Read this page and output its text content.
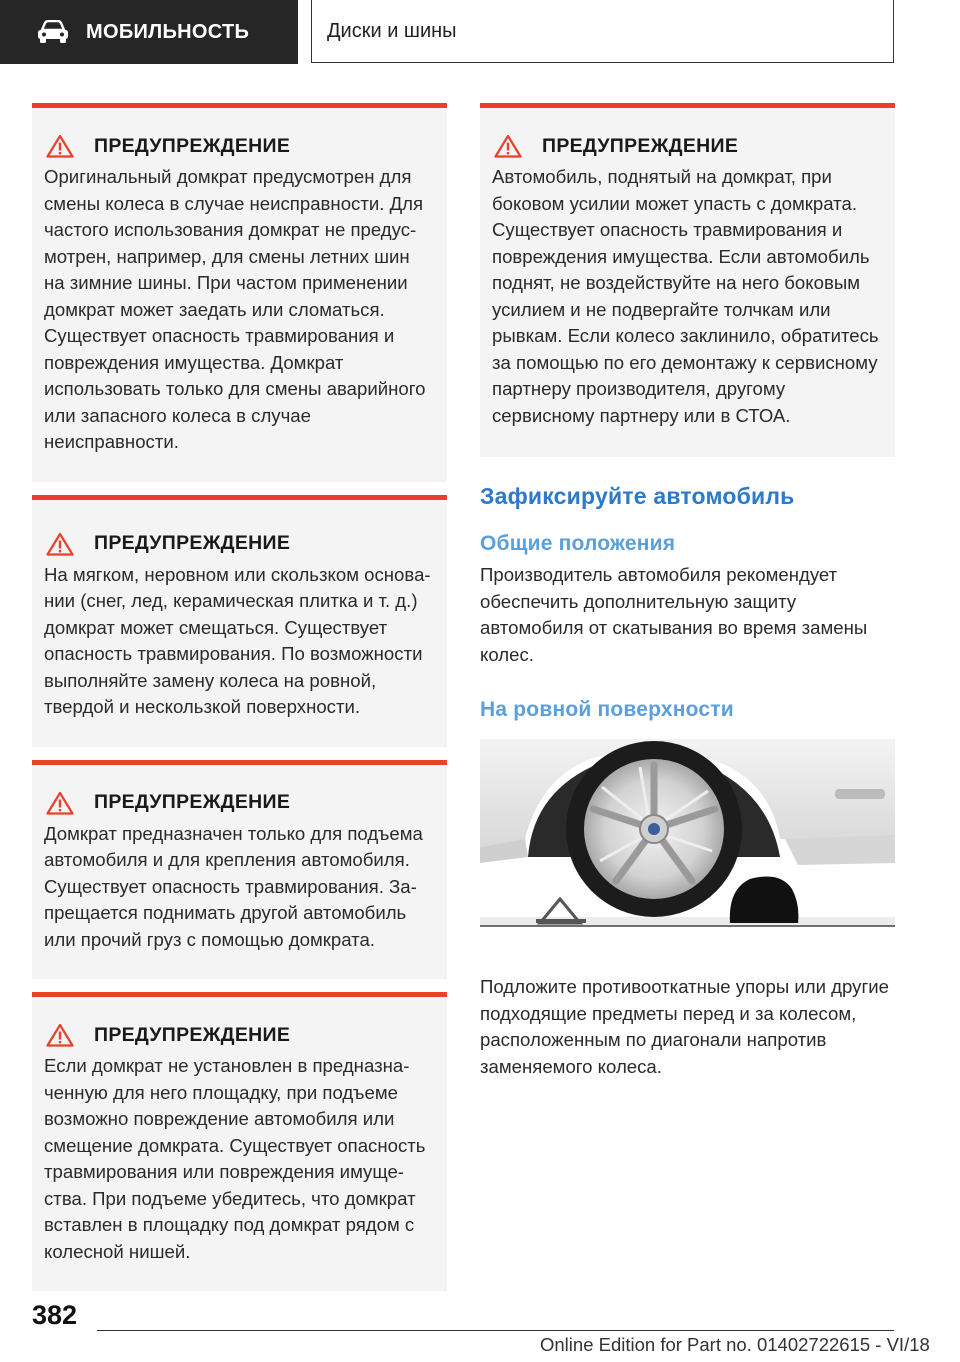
МОБИЛЬНОСТЬ	Диски и шины
ПРЕДУПРЕЖДЕНИЕ
Оригинальный домкрат предусмотрен для смены колеса в случае неисправности. Для частого использования домкрат не предусмотрен, например, для смены летних шин на зимние шины. При частом применении домкрат может заедать или сломаться. Существует опасность травмирования и повреждения имущества. Домкрат использовать только для смены аварийного или запасного колеса в случае неисправности.
ПРЕДУПРЕЖДЕНИЕ
На мягком, неровном или скользком основании (снег, лед, керамическая плитка и т. д.) домкрат может смещаться. Существует опасность травмирования. По возможности выполняйте замену колеса на ровной, твердой и нескользкой поверхности.
ПРЕДУПРЕЖДЕНИЕ
Домкрат предназначен только для подъема автомобиля и для крепления автомобиля. Существует опасность травмирования. Запрещается поднимать другой автомобиль или прочий груз с помощью домкрата.
ПРЕДУПРЕЖДЕНИЕ
Если домкрат не установлен в предназначенную для него площадку, при подъеме возможно повреждение автомобиля или смещение домкрата. Существует опасность травмирования или повреждения имущества. При подъеме убедитесь, что домкрат вставлен в площадку под домкрат рядом с колесной нишей.
ПРЕДУПРЕЖДЕНИЕ
Автомобиль, поднятый на домкрат, при боковом усилии может упасть с домкрата. Существует опасность травмирования и повреждения имущества. Если автомобиль поднят, не воздействуйте на него боковым усилием и не подвергайте толчкам или рывкам. Если колесо заклинило, обратитесь за помощью по его демонтажу к сервисному партнеру производителя, другому сервисному партнеру или в СТОА.
Зафиксируйте автомобиль
Общие положения
Производитель автомобиля рекомендует обеспечить дополнительную защиту автомобиля от скатывания во время замены колес.
На ровной поверхности
Подложите противооткатные упоры или другие подходящие предметы перед и за колесом, расположенным по диагонали напротив заменяемого колеса.
382
Online Edition for Part no. 01402722615 - VI/18
